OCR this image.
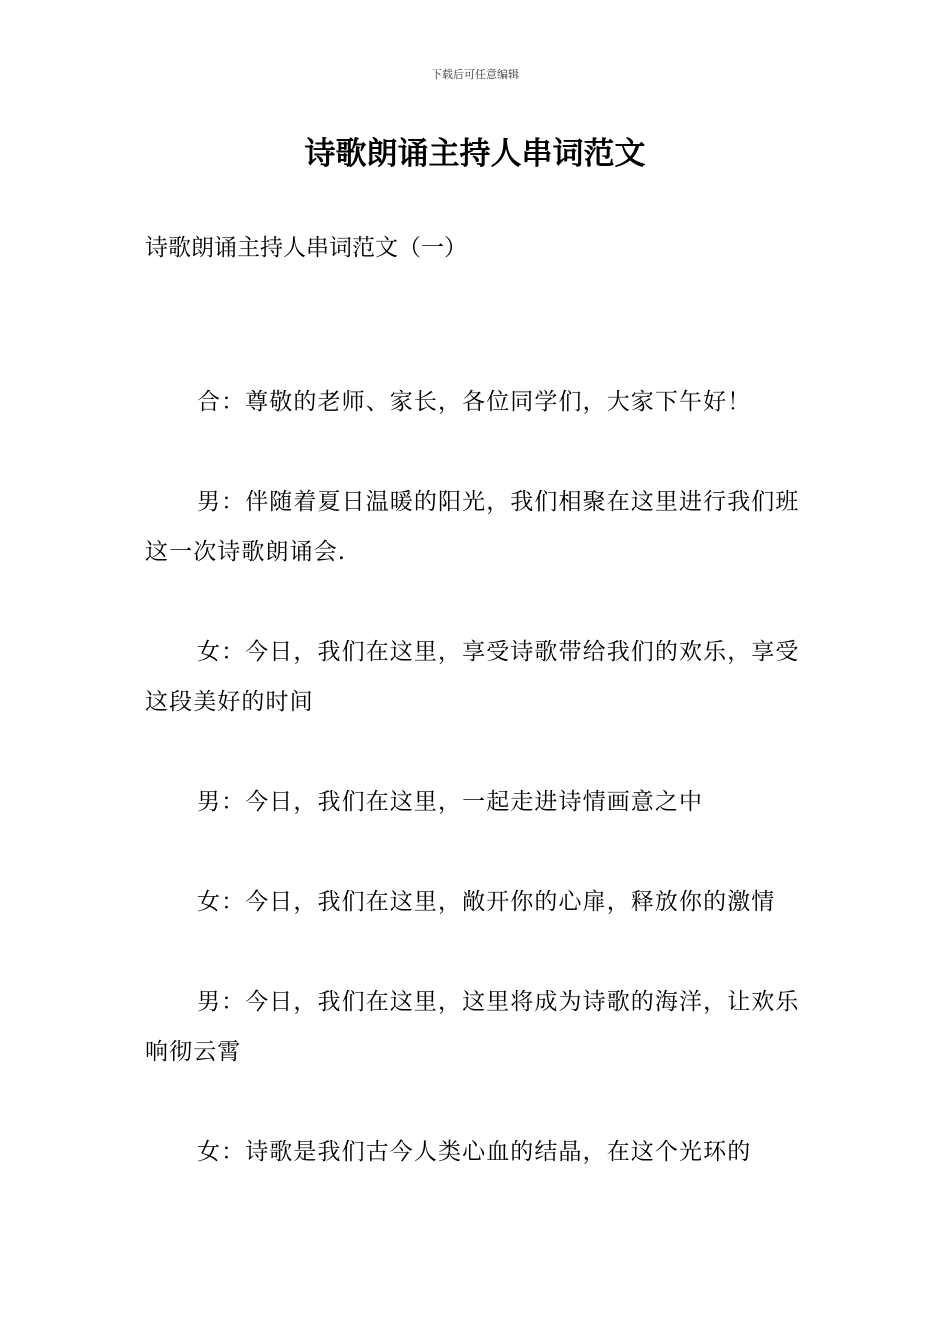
下载后可任意编辑
诗歌朗诵主持人串词范文
诗歌朗诵主持人串词范文（一）

合：尊敬的老师、家长，各位同学们，大家下午好！

男：伴随着夏日温暖的阳光，我们相聚在这里进行我们班这一次诗歌朗诵会.

女：今日，我们在这里，享受诗歌带给我们的欢乐，享受这段美好的时间

男：今日，我们在这里，一起走进诗情画意之中

女：今日，我们在这里，敞开你的心扉，释放你的激情

男：今日，我们在这里，这里将成为诗歌的海洋，让欢乐响彻云霄

女：诗歌是我们古今人类心血的结晶，在这个光环的
